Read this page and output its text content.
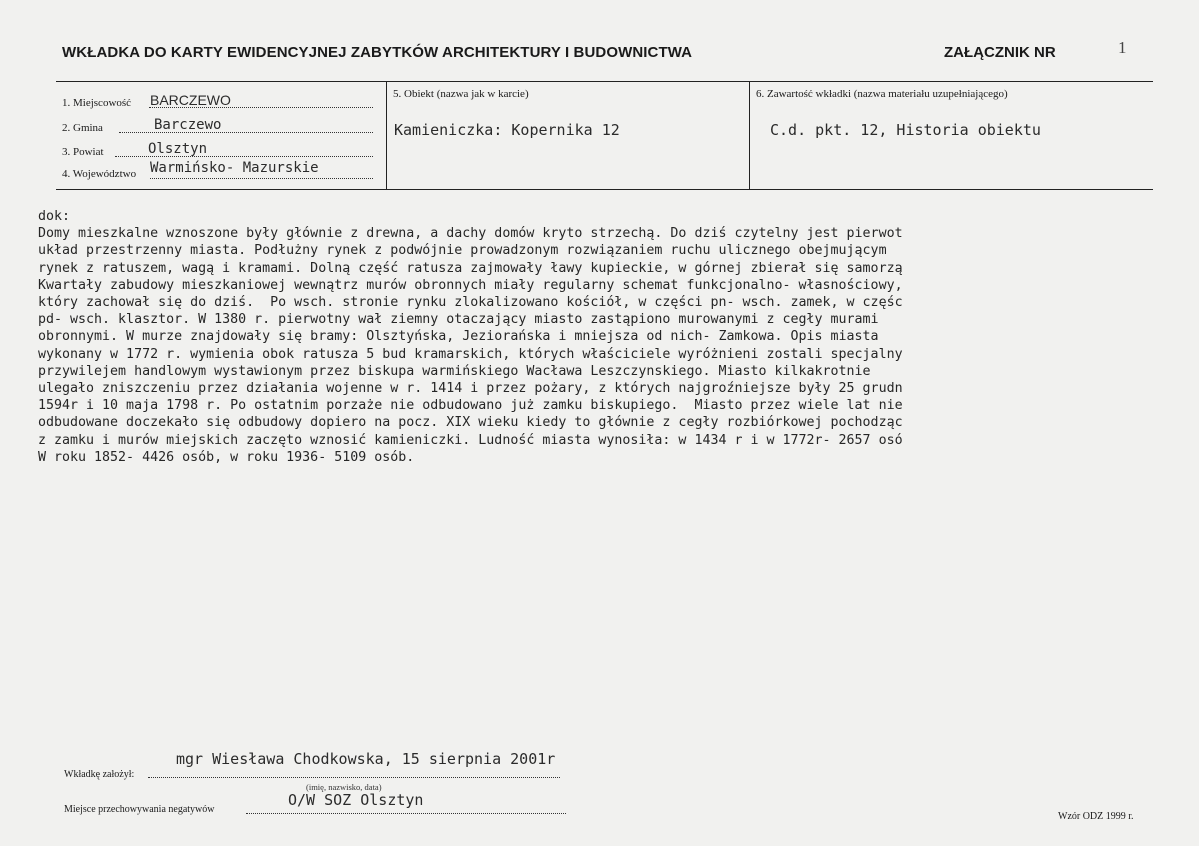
WKŁADKA DO KARTY EWIDENCYJNEJ ZABYTKÓW ARCHITEKTURY I BUDOWNICTWA	ZAŁĄCZNIK NR	1
1. Miejscowość BARCZEWO
2. Gmina	Barczewo
3. Powiat	Olsztyn
4. Województwo Warmińsko- Mazurskie
5. Obiekt (nazwa jak w karcie)
Kamieniczka: Kopernika 12
6. Zawartość wkładki (nazwa materiału uzupełniającego)
C.d. pkt. 12, Historia obiektu
dok:
Domy mieszkalne wznoszone były głównie z drewna, a dachy domów kryto strzechą. Do dziś czytelny jest pierwot
układ przestrzenny miasta. Podłużny rynek z podwójnie prowadzonym rozwiązaniem ruchu ulicznego obejmującym
rynek z ratuszem, wagą i kramami. Dolną część ratusza zajmowały ławy kupieckie, w górnej zbierał się samorzą
Kwartały zabudowy mieszkaniowej wewnątrz murów obronnych miały regularny schemat funkcjonalno- własnościowy,
który zachował się do dziś.  Po wsch. stronie rynku zlokalizowano kościół, w części pn- wsch. zamek, w częśc
pd- wsch. klasztor. W 1380 r. pierwotny wał ziemny otaczający miasto zastąpiono murowanymi z cegły murami
obronnymi. W murze znajdowały się bramy: Olsztyńska, Jeziorańska i mniejsza od nich- Zamkowa. Opis miasta
wykonany w 1772 r. wymienia obok ratusza 5 bud kramarskich, których właściciele wyróżnieni zostali specjalny
przywilejem handlowym wystawionym przez biskupa warmińskiego Wacława Leszczynskiego. Miasto kilkakrotnie
ulegało zniszczeniu przez działania wojenne w r. 1414 i przez pożary, z których najgroźniejsze były 25 grudn
1594r i 10 maja 1798 r. Po ostatnim porzaże nie odbudowano już zamku biskupiego.  Miasto przez wiele lat nie
odbudowane doczekało się odbudowy dopiero na pocz. XIX wieku kiedy to głównie z cegły rozbiórkowej pochodząc
z zamku i murów miejskich zaczęto wznosić kamieniczki. Ludność miasta wynosiła: w 1434 r i w 1772r- 2657 osó
W roku 1852- 4426 osób, w roku 1936- 5109 osób.
mgr Wiesława Chodkowska, 15 sierpnia 2001r
Wkładkę założył:
(imię, nazwisko, data)
O/W SOZ Olsztyn
Miejsce przechowywania negatywów
Wzór ODZ 1999 r.
